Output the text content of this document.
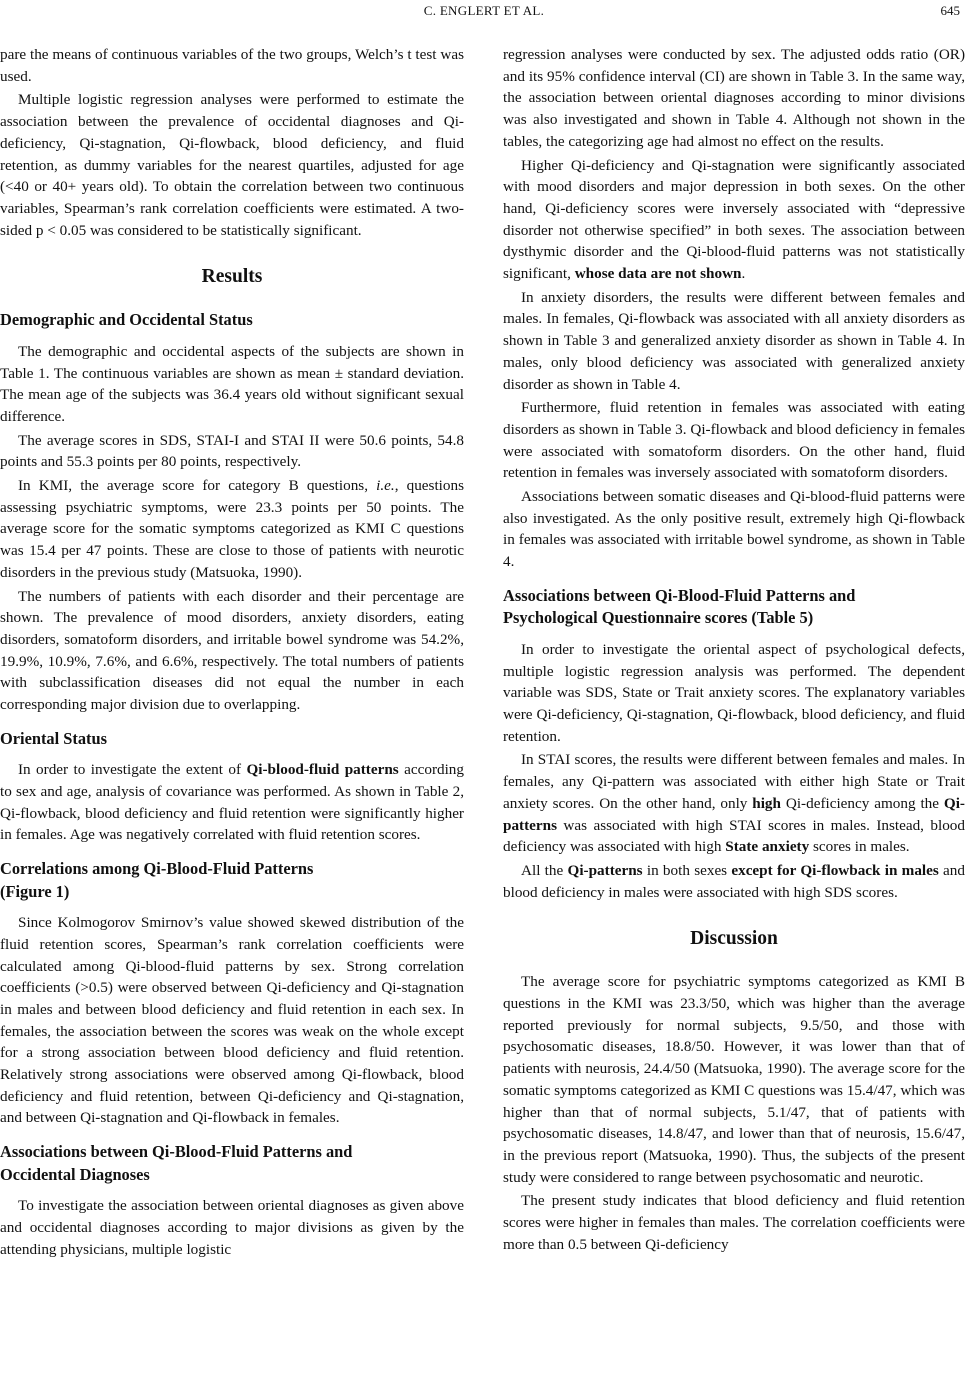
C. ENGLERT ET AL.	645

pare the means of continuous variables of the two groups, Welch’s t test was used.

Multiple logistic regression analyses were performed to estimate the association between the prevalence of occidental diagnoses and Qi-deficiency, Qi-stagnation, Qi-flowback, blood deficiency, and fluid retention, as dummy variables for the nearest quartiles, adjusted for age (<40 or 40+ years old). To obtain the correlation between two continuous variables, Spearman’s rank correlation coefficients were estimated. A two-sided p < 0.05 was considered to be statistically significant.

Results
Demographic and Occidental Status

The demographic and occidental aspects of the subjects are shown in Table 1. The continuous variables are shown as mean ± standard deviation. The mean age of the subjects was 36.4 years old without significant sexual difference.

The average scores in SDS, STAI-I and STAI II were 50.6 points, 54.8 points and 55.3 points per 80 points, respectively.

In KMI, the average score for category B questions, i.e., questions assessing psychiatric symptoms, were 23.3 points per 50 points. The average score for the somatic symptoms categorized as KMI C questions was 15.4 per 47 points. These are close to those of patients with neurotic disorders in the previous study (Matsuoka, 1990).

The numbers of patients with each disorder and their percentage are shown. The prevalence of mood disorders, anxiety disorders, eating disorders, somatoform disorders, and irritable bowel syndrome was 54.2%, 19.9%, 10.9%, 7.6%, and 6.6%, respectively. The total numbers of patients with subclassification diseases did not equal the number in each corresponding major division due to overlapping.

Oriental Status

In order to investigate the extent of Qi-blood-fluid patterns according to sex and age, analysis of covariance was performed. As shown in Table 2, Qi-flowback, blood deficiency and fluid retention were significantly higher in females. Age was negatively correlated with fluid retention scores.

Correlations among Qi-Blood-Fluid Patterns
(Figure 1)

Since Kolmogorov Smirnov’s value showed skewed distribution of the fluid retention scores, Spearman’s rank correlation coefficients were calculated among Qi-blood-fluid patterns by sex. Strong correlation coefficients (>0.5) were observed between Qi-deficiency and Qi-stagnation in males and between blood deficiency and fluid retention in each sex. In females, the association between the scores was weak on the whole except for a strong association between blood deficiency and fluid retention. Relatively strong associations were observed among Qi-flowback, blood deficiency and fluid retention, between Qi-deficiency and Qi-stagnation, and between Qi-stagnation and Qi-flowback in females.

Associations between Qi-Blood-Fluid Patterns and
Occidental Diagnoses

To investigate the association between oriental diagnoses as given above and occidental diagnoses according to major divisions as given by the attending physicians, multiple logistic

regression analyses were conducted by sex. The adjusted odds ratio (OR) and its 95% confidence interval (CI) are shown in Table 3. In the same way, the association between oriental diagnoses according to minor divisions was also investigated and shown in Table 4. Although not shown in the tables, the categorizing age had almost no effect on the results.

Higher Qi-deficiency and Qi-stagnation were significantly associated with mood disorders and major depression in both sexes. On the other hand, Qi-deficiency scores were inversely associated with “depressive disorder not otherwise specified” in both sexes. The association between dysthymic disorder and the Qi-blood-fluid patterns was not statistically significant, whose data are not shown.

In anxiety disorders, the results were different between females and males. In females, Qi-flowback was associated with all anxiety disorders as shown in Table 3 and generalized anxiety disorder as shown in Table 4. In males, only blood deficiency was associated with generalized anxiety disorder as shown in Table 4.

Furthermore, fluid retention in females was associated with eating disorders as shown in Table 3. Qi-flowback and blood deficiency in females were associated with somatoform disorders. On the other hand, fluid retention in females was inversely associated with somatoform disorders.

Associations between somatic diseases and Qi-blood-fluid patterns were also investigated. As the only positive result, extremely high Qi-flowback in females was associated with irritable bowel syndrome, as shown in Table 4.

Associations between Qi-Blood-Fluid Patterns and
Psychological Questionnaire scores (Table 5)

In order to investigate the oriental aspect of psychological defects, multiple logistic regression analysis was performed. The dependent variable was SDS, State or Trait anxiety scores. The explanatory variables were Qi-deficiency, Qi-stagnation, Qi-flowback, blood deficiency, and fluid retention.

In STAI scores, the results were different between females and males. In females, any Qi-pattern was associated with either high State or Trait anxiety scores. On the other hand, only high Qi-deficiency among the Qi-patterns was associated with high STAI scores in males. Instead, blood deficiency was associated with high State anxiety scores in males.

All the Qi-patterns in both sexes except for Qi-flowback in males and blood deficiency in males were associated with high SDS scores.

Discussion

The average score for psychiatric symptoms categorized as KMI B questions in the KMI was 23.3/50, which was higher than the average reported previously for normal subjects, 9.5/50, and those with psychosomatic diseases, 18.8/50. However, it was lower than that of patients with neurosis, 24.4/50 (Matsuoka, 1990). The average score for the somatic symptoms categorized as KMI C questions was 15.4/47, which was higher than that of normal subjects, 5.1/47, that of patients with psychosomatic diseases, 14.8/47, and lower than that of neurosis, 15.6/47, in the previous report (Matsuoka, 1990). Thus, the subjects of the present study were considered to range between psychosomatic and neurotic.

The present study indicates that blood deficiency and fluid retention scores were higher in females than males. The correlation coefficients were more than 0.5 between Qi-deficiency
